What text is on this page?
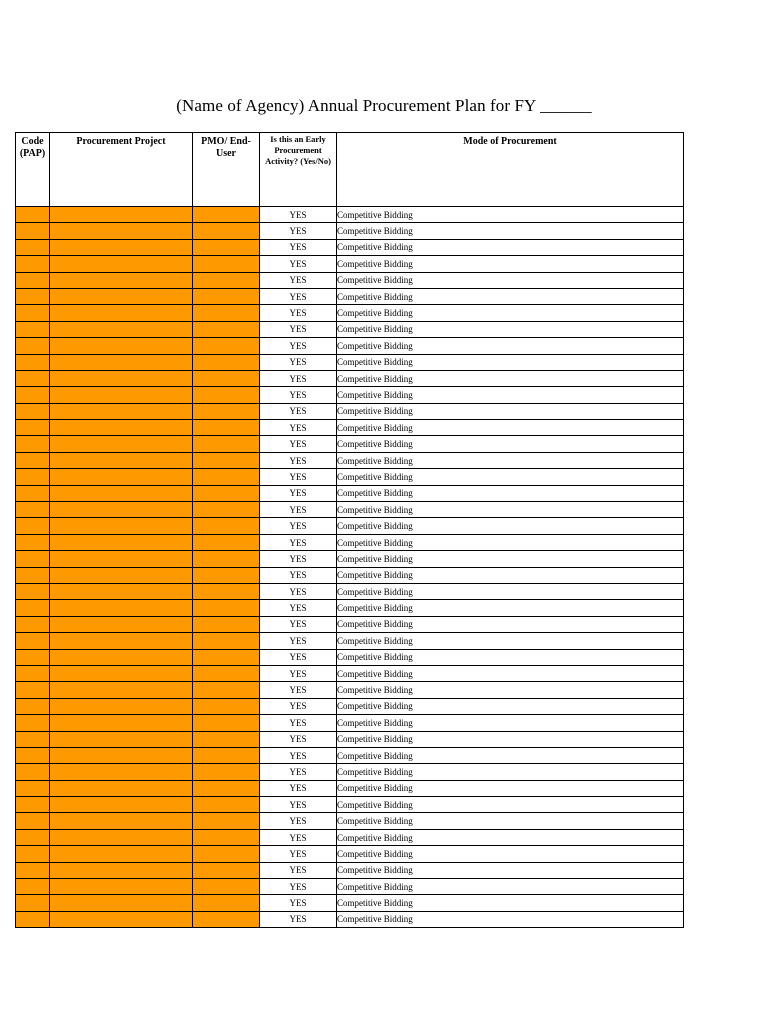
(Name of Agency) Annual Procurement Plan for FY ______
Code (PAP)	Procurement Project	PMO/ End-User	Is this an Early Procurement Activity? (Yes/No)	Mode of Procurement
			YES	Competitive Bidding
			YES	Competitive Bidding
			YES	Competitive Bidding
			YES	Competitive Bidding
			YES	Competitive Bidding
			YES	Competitive Bidding
			YES	Competitive Bidding
			YES	Competitive Bidding
			YES	Competitive Bidding
			YES	Competitive Bidding
			YES	Competitive Bidding
			YES	Competitive Bidding
			YES	Competitive Bidding
			YES	Competitive Bidding
			YES	Competitive Bidding
			YES	Competitive Bidding
			YES	Competitive Bidding
			YES	Competitive Bidding
			YES	Competitive Bidding
			YES	Competitive Bidding
			YES	Competitive Bidding
			YES	Competitive Bidding
			YES	Competitive Bidding
			YES	Competitive Bidding
			YES	Competitive Bidding
			YES	Competitive Bidding
			YES	Competitive Bidding
			YES	Competitive Bidding
			YES	Competitive Bidding
			YES	Competitive Bidding
			YES	Competitive Bidding
			YES	Competitive Bidding
			YES	Competitive Bidding
			YES	Competitive Bidding
			YES	Competitive Bidding
			YES	Competitive Bidding
			YES	Competitive Bidding
			YES	Competitive Bidding
			YES	Competitive Bidding
			YES	Competitive Bidding
			YES	Competitive Bidding
			YES	Competitive Bidding
			YES	Competitive Bidding
			YES	Competitive Bidding
